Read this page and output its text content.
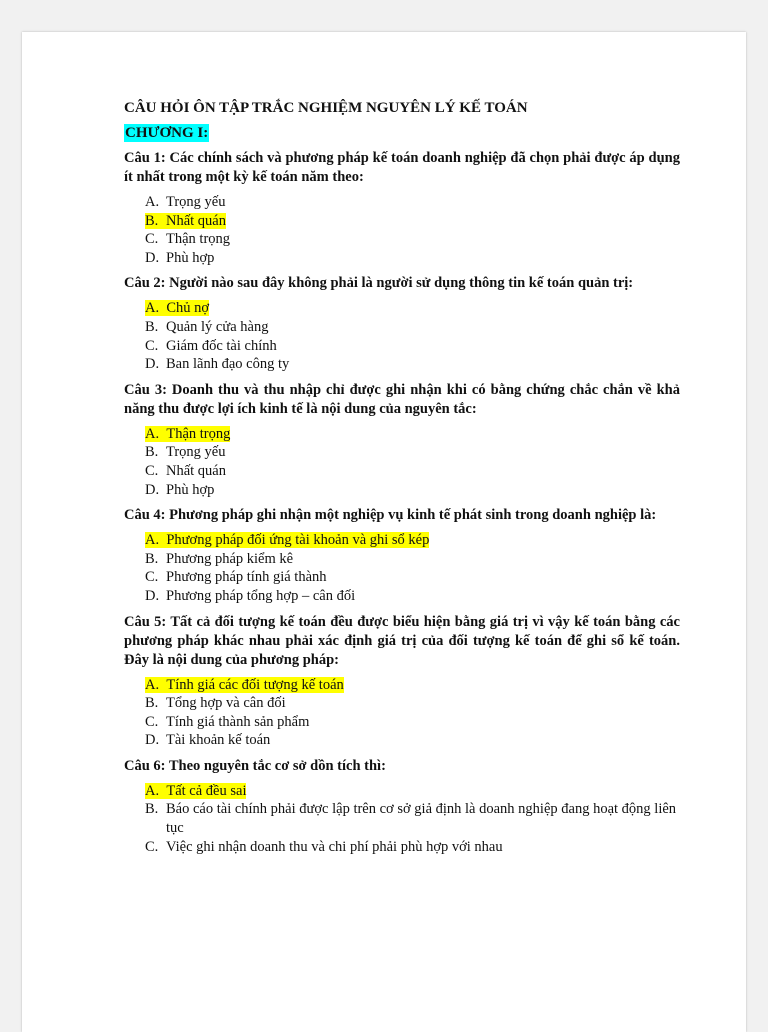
CÂU HỎI ÔN TẬP TRẮC NGHIỆM NGUYÊN LÝ KẾ TOÁN
CHƯƠNG I:

Câu 1: Các chính sách và phương pháp kế toán doanh nghiệp đã chọn phải được áp dụng ít nhất trong một kỳ kế toán năm theo:

A. Trọng yếu
B. Nhất quán
C. Thận trọng
D. Phù hợp

Câu 2: Người nào sau đây không phải là người sử dụng thông tin kế toán quản trị:

A. Chủ nợ
B. Quản lý cửa hàng
C. Giám đốc tài chính
D. Ban lãnh đạo công ty

Câu 3: Doanh thu và thu nhập chỉ được ghi nhận khi có bằng chứng chắc chắn về khả năng thu được lợi ích kinh tế là nội dung của nguyên tắc:

A. Thận trọng
B. Trọng yếu
C. Nhất quán
D. Phù hợp

Câu 4: Phương pháp ghi nhận một nghiệp vụ kinh tế phát sinh trong doanh nghiệp là:

A. Phương pháp đối ứng tài khoản và ghi sổ kép
B. Phương pháp kiểm kê
C. Phương pháp tính giá thành
D. Phương pháp tổng hợp – cân đối

Câu 5: Tất cả đối tượng kế toán đều được biểu hiện bằng giá trị vì vậy kế toán bằng các phương pháp khác nhau phải xác định giá trị của đối tượng kế toán để ghi sổ kế toán. Đây là nội dung của phương pháp:

A. Tính giá các đối tượng kế toán
B. Tổng hợp và cân đối
C. Tính giá thành sản phẩm
D. Tài khoản kế toán

Câu 6: Theo nguyên tắc cơ sở dồn tích thì:

A. Tất cả đều sai
B. Báo cáo tài chính phải được lập trên cơ sở giả định là doanh nghiệp đang hoạt động liên tục
C. Việc ghi nhận doanh thu và chi phí phải phù hợp với nhau
